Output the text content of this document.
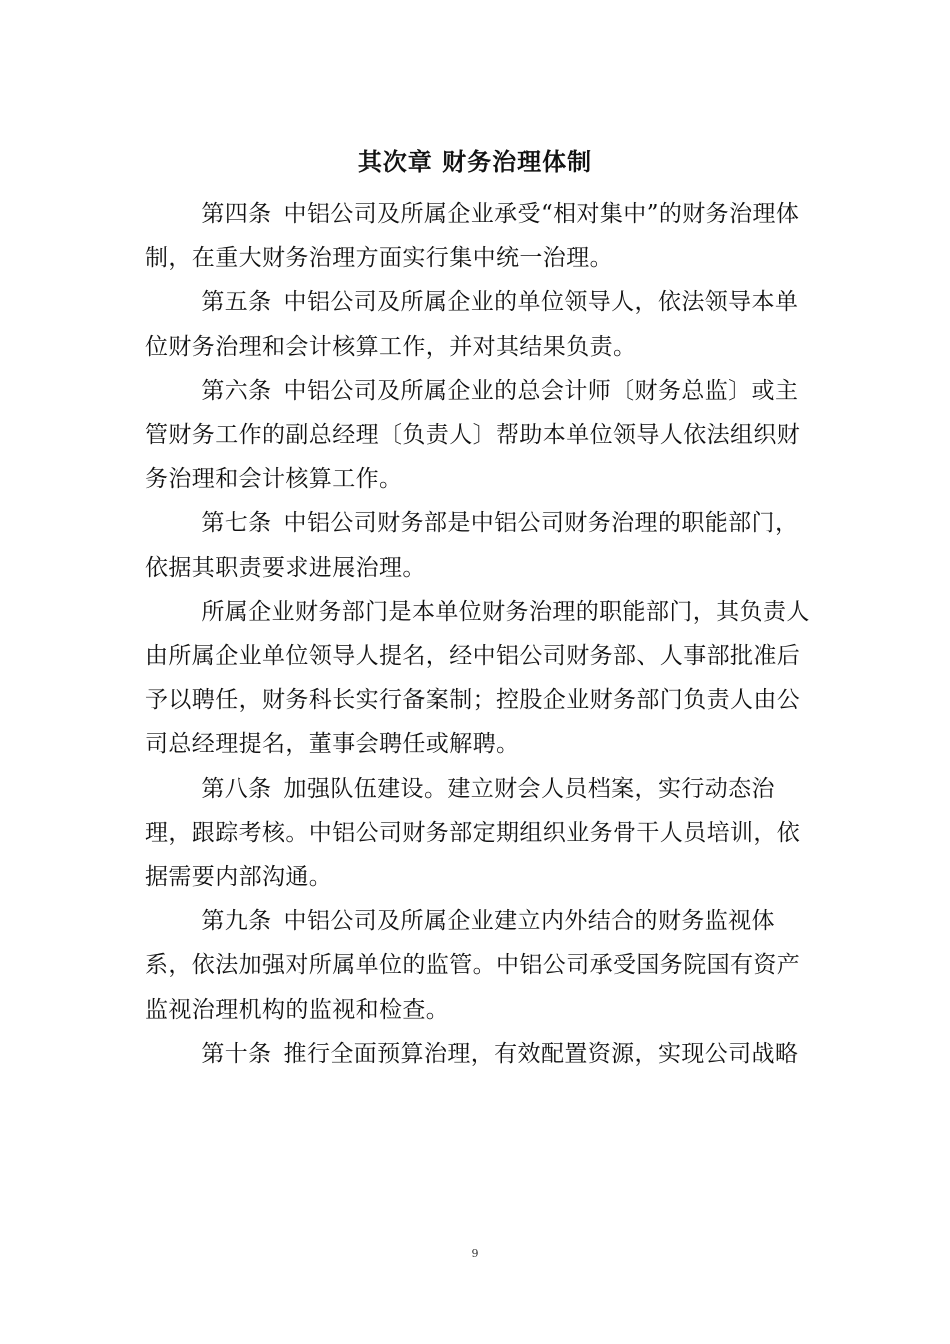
其次章 财务治理体制

第四条 中铝公司及所属企业承受“相对集中”的财务治理体制，在重大财务治理方面实行集中统一治理。

第五条 中铝公司及所属企业的单位领导人，依法领导本单位财务治理和会计核算工作，并对其结果负责。

第六条 中铝公司及所属企业的总会计师〔财务总监〕或主管财务工作的副总经理〔负责人〕帮助本单位领导人依法组织财务治理和会计核算工作。

第七条 中铝公司财务部是中铝公司财务治理的职能部门，依据其职责要求进展治理。

所属企业财务部门是本单位财务治理的职能部门，其负责人由所属企业单位领导人提名，经中铝公司财务部、人事部批准后予以聘任，财务科长实行备案制；控股企业财务部门负责人由公司总经理提名，董事会聘任或解聘。

第八条 加强队伍建设。建立财会人员档案，实行动态治理，跟踪考核。中铝公司财务部定期组织业务骨干人员培训，依据需要内部沟通。

第九条 中铝公司及所属企业建立内外结合的财务监视体系，依法加强对所属单位的监管。中铝公司承受国务院国有资产监视治理机构的监视和检查。

第十条 推行全面预算治理，有效配置资源，实现公司战略

9
